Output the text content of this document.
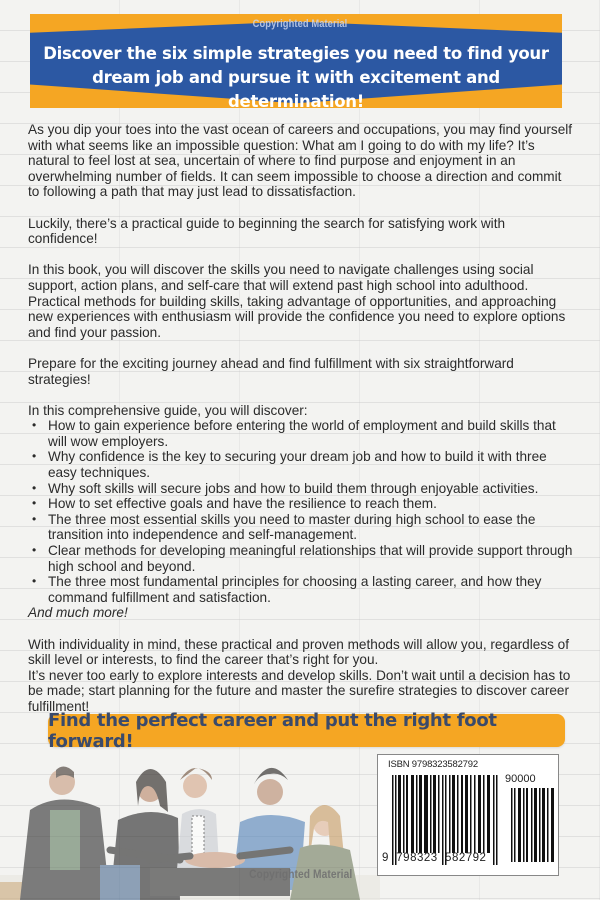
Discover the six simple strategies you need to find your
dream job and pursue it with excitement and determination!
Copyrighted Material

As you dip your toes into the vast ocean of careers and occupations, you may find yourself with what seems like an impossible question: What am I going to do with my life? It’s natural to feel lost at sea, uncertain of where to find purpose and enjoyment in an overwhelming number of fields. It can seem impossible to choose a direction and commit to following a path that may just lead to dissatisfaction.

Luckily, there’s a practical guide to beginning the search for satisfying work with confidence!

In this book, you will discover the skills you need to navigate challenges using social support, action plans, and self-care that will extend past high school into adulthood. Practical methods for building skills, taking advantage of opportunities, and approaching new experiences with enthusiasm will provide the confidence you need to explore options and find your passion.

Prepare for the exciting journey ahead and find fulfillment with six straightforward strategies!

In this comprehensive guide, you will discover:

• How to gain experience before entering the world of employment and build skills that will wow employers.
• Why confidence is the key to securing your dream job and how to build it with three easy techniques.
• Why soft skills will secure jobs and how to build them through enjoyable activities.
• How to set effective goals and have the resilience to reach them.
• The three most essential skills you need to master during high school to ease the transition into independence and self-management.
• Clear methods for developing meaningful relationships that will provide support through high school and beyond.
• The three most fundamental principles for choosing a lasting career, and how they command fulfillment and satisfaction.

And much more!

With individuality in mind, these practical and proven methods will allow you, regardless of skill level or interests, to find the career that’s right for you.

It’s never too early to explore interests and develop skills. Don’t wait until a decision has to be made; start planning for the future and master the surefire strategies to discover career fulfillment!

Find the perfect career and put the right foot forward!
Copyrighted Material
ISBN 9798323582792
90000
9  798323  582792
